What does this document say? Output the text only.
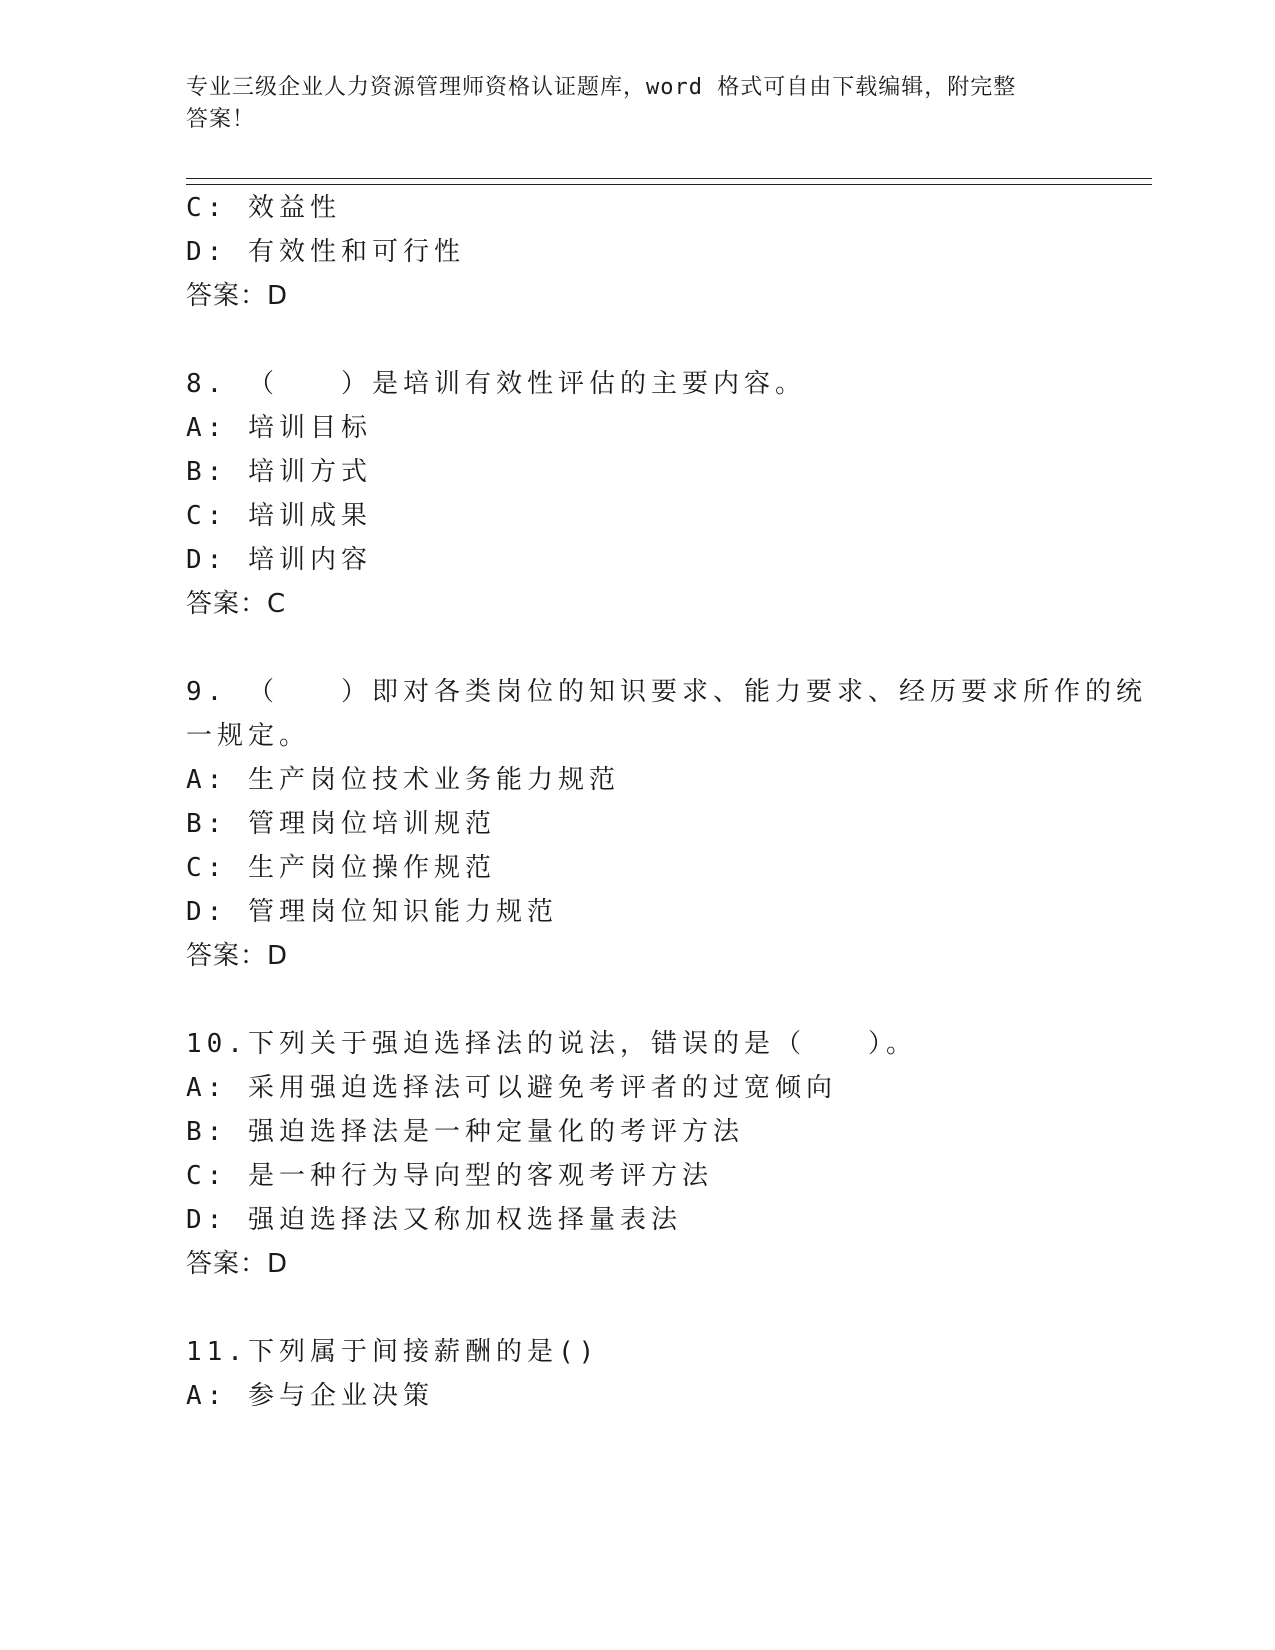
专业三级企业人力资源管理师资格认证题库，word 格式可自由下载编辑，附完整
答案！
C: 效益性
D: 有效性和可行性
答案：D
8. （　　）是培训有效性评估的主要内容。
A: 培训目标
B: 培训方式
C: 培训成果
D: 培训内容
答案：C
9. （　　）即对各类岗位的知识要求、能力要求、经历要求所作的统
一规定。
A: 生产岗位技术业务能力规范
B: 管理岗位培训规范
C: 生产岗位操作规范
D: 管理岗位知识能力规范
答案：D
10.下列关于强迫选择法的说法，错误的是（　　）。
A: 采用强迫选择法可以避免考评者的过宽倾向
B: 强迫选择法是一种定量化的考评方法
C: 是一种行为导向型的客观考评方法
D: 强迫选择法又称加权选择量表法
答案：D
11.下列属于间接薪酬的是()
A: 参与企业决策
